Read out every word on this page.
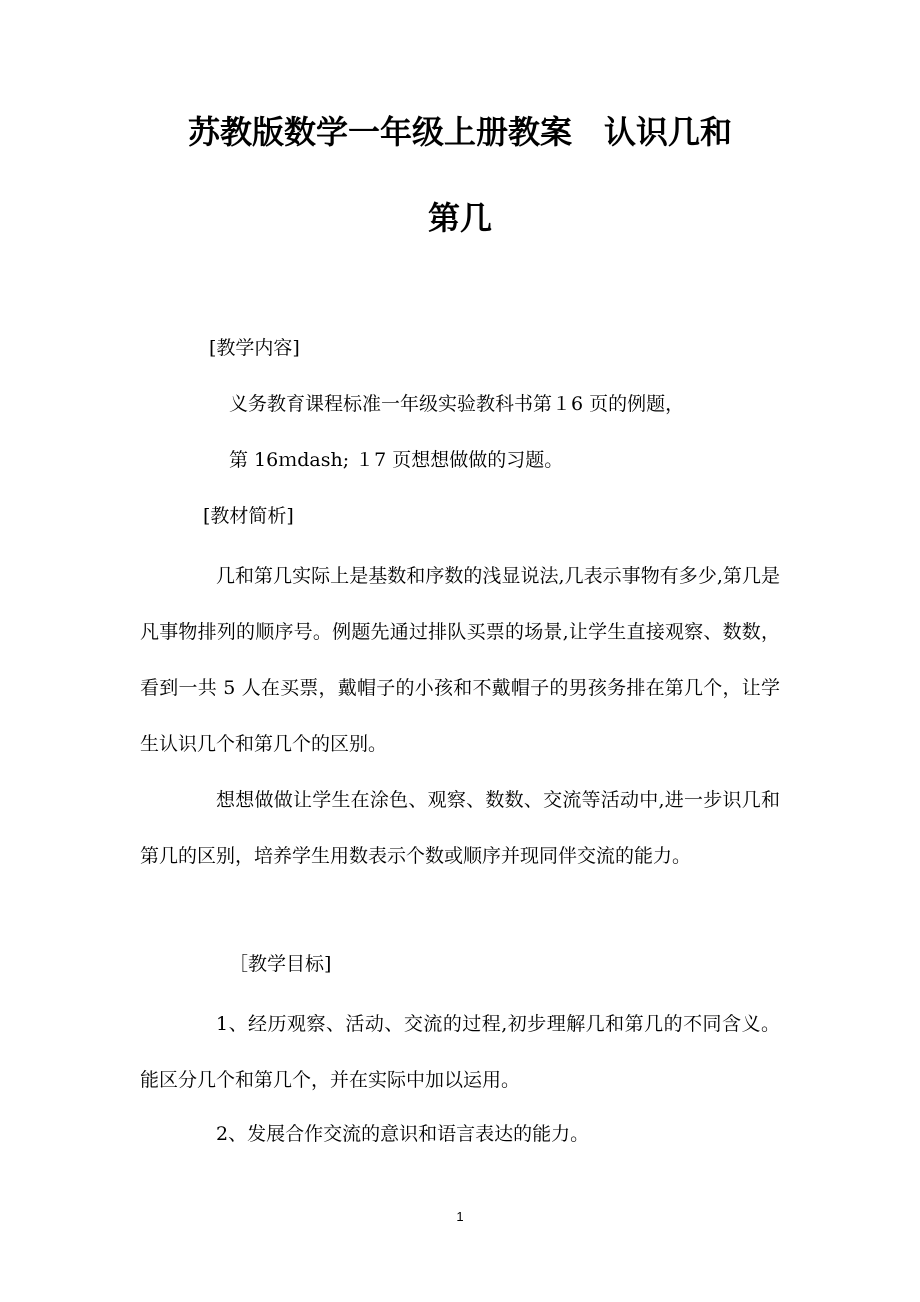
苏教版数学一年级上册教案　认识几和
第几
[教学内容]
义务教育课程标准一年级实验教科书第１6 页的例题，
第 16ｍdash; １7 页想想做做的习题。
[教材简析]
几和第几实际上是基数和序数的浅显说法,几表示事物有多少,第几是凡事物排列的顺序号。例题先通过排队买票的场景,让学生直接观察、数数，看到一共 5 人在买票，戴帽子的小孩和不戴帽子的男孩务排在第几个，让学生认识几个和第几个的区别。
想想做做让学生在涂色、观察、数数、交流等活动中,进一步识几和第几的区别，培养学生用数表示个数或顺序并现同伴交流的能力。
［教学目标]
1、经历观察、活动、交流的过程,初步理解几和第几的不同含义。能区分几个和第几个，并在实际中加以运用。
2、发展合作交流的意识和语言表达的能力。
1
